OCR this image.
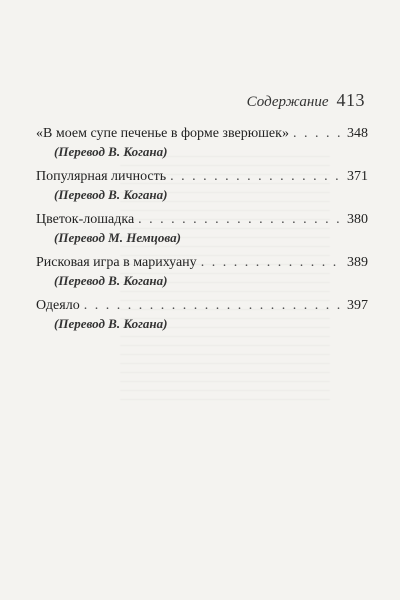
Содержание 413
«В моем супе печенье в форме зверюшек» . . .	348
(Перевод В. Когана)
Популярная личность . . .	371
(Перевод В. Когана)
Цветок-лошадка . . .	380
(Перевод М. Немцова)
Рисковая игра в марихуану . . .	389
(Перевод В. Когана)
Одеяло . . .	397
(Перевод В. Когана)
